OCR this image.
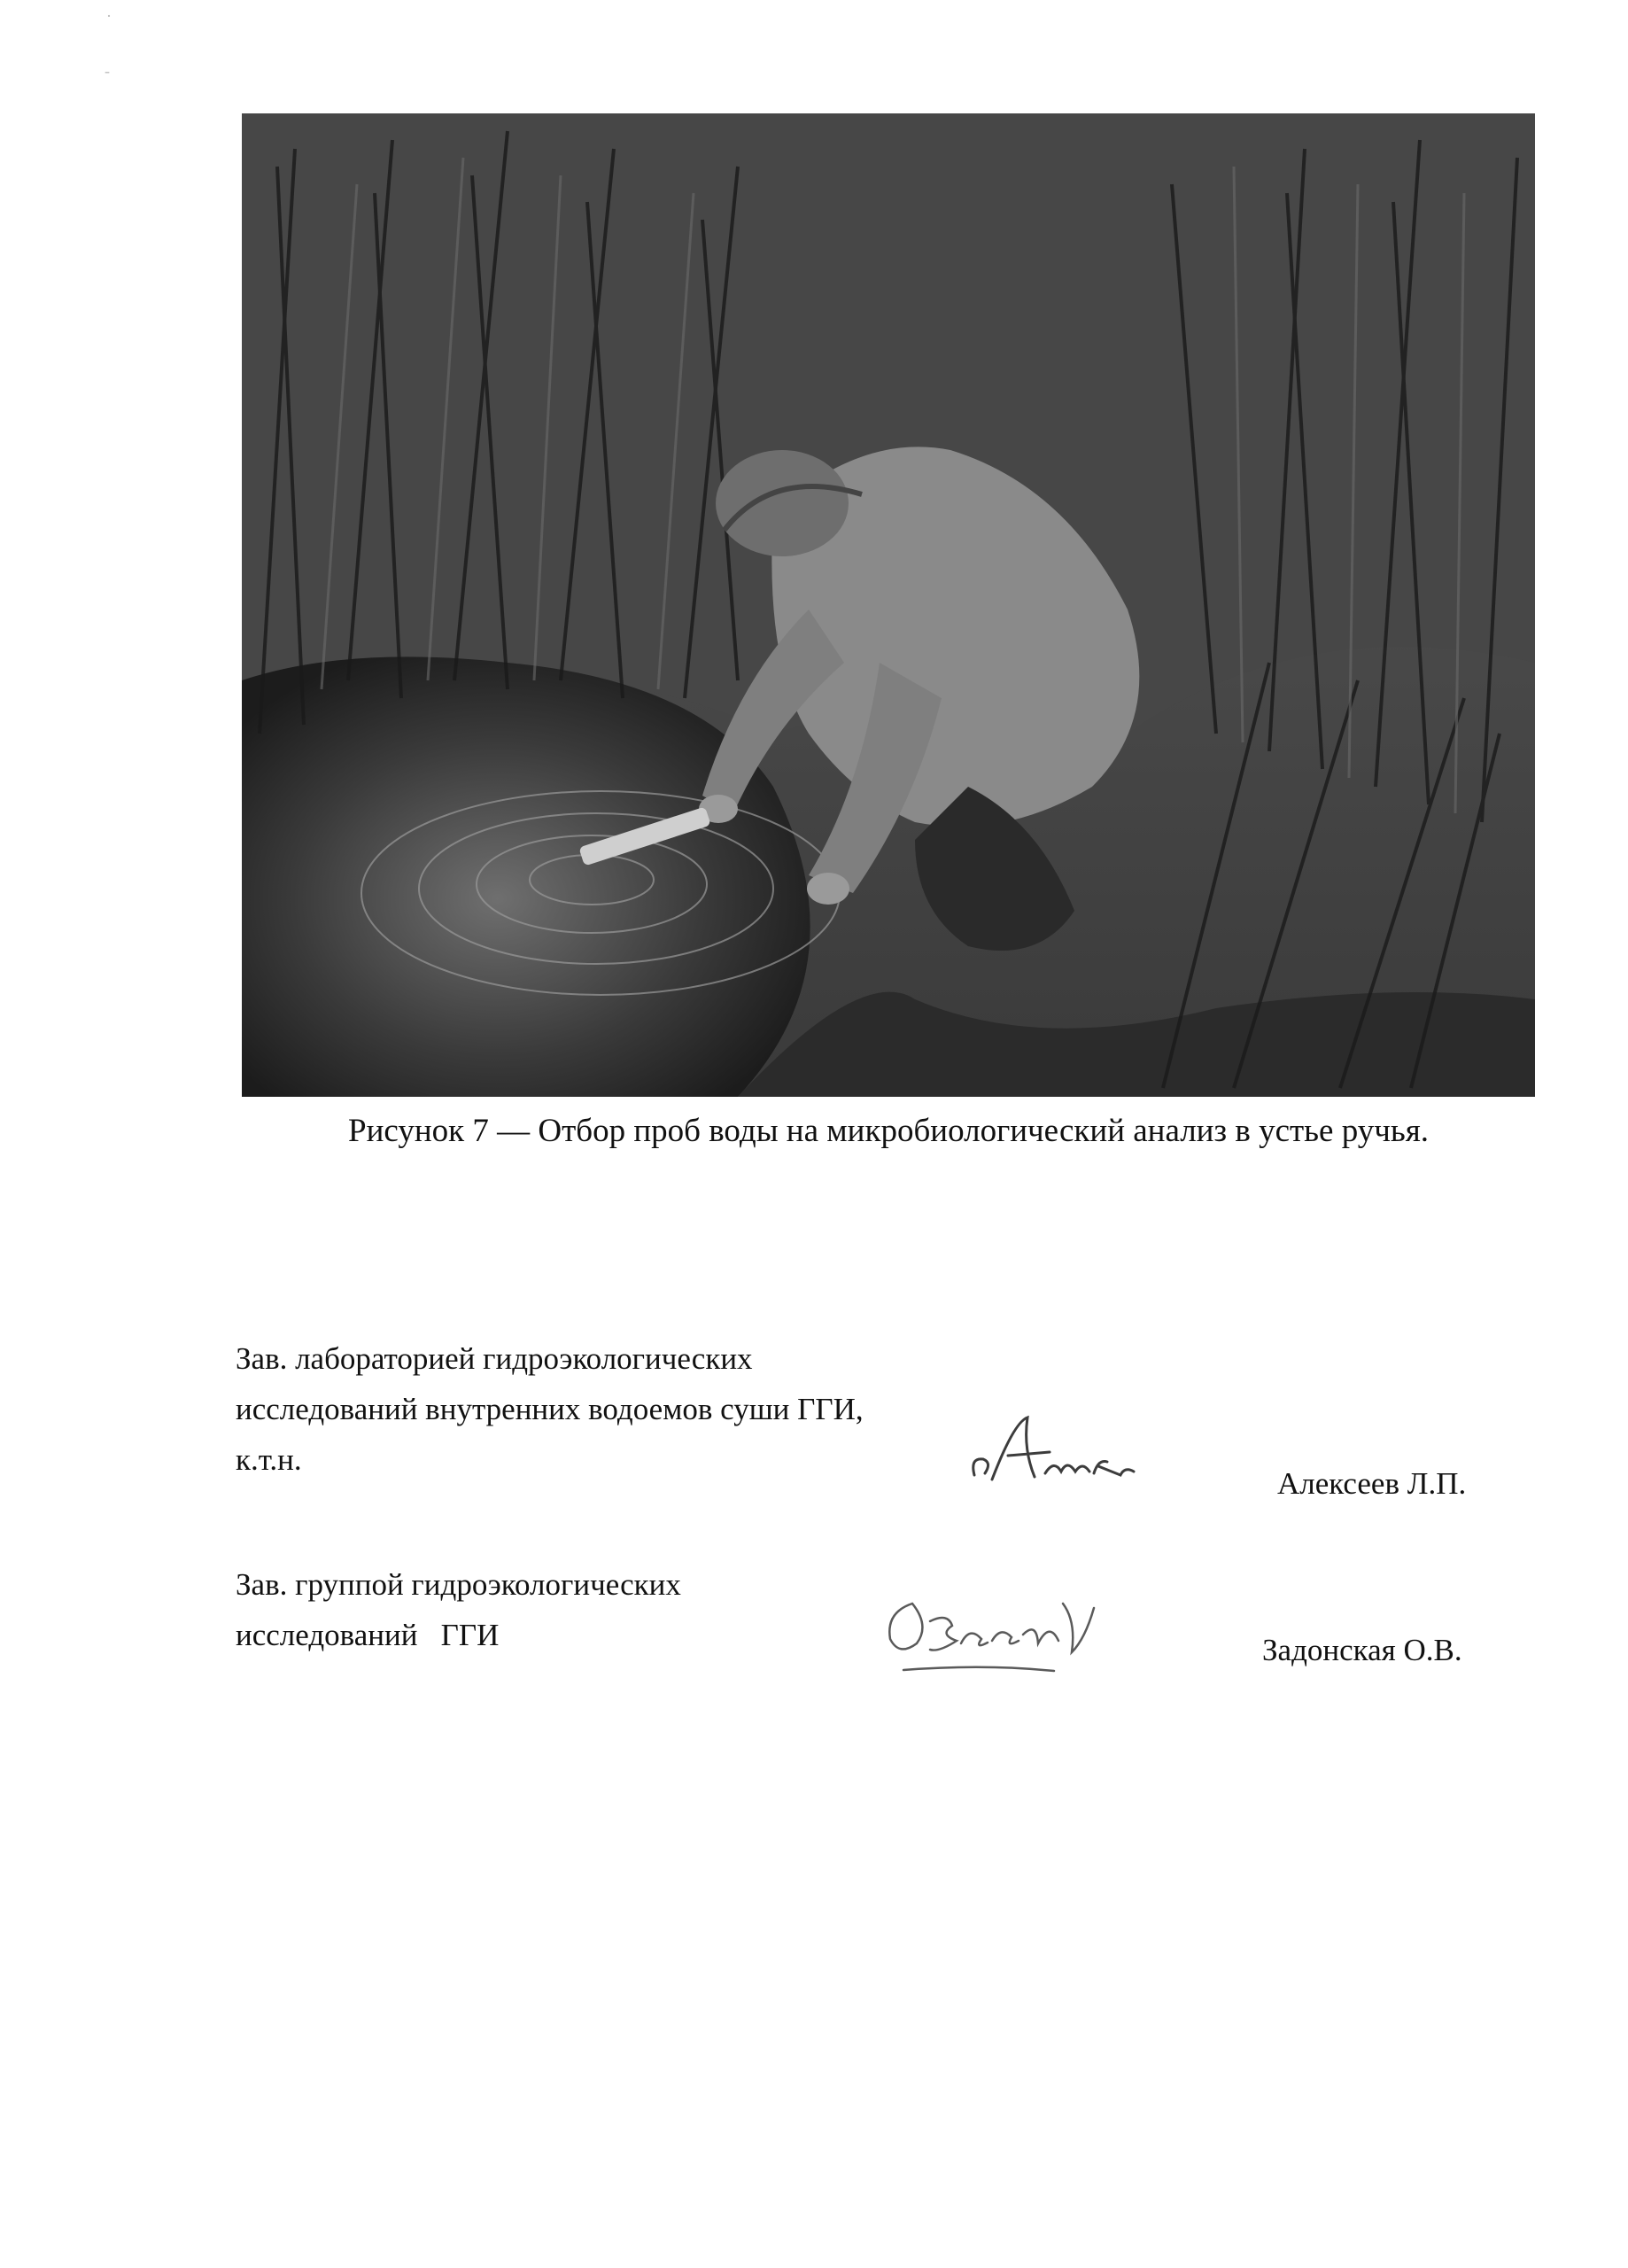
·
-
Рисунок 7 — Отбор проб воды на микробиологический анализ в устье ручья.
Зав. лабораторией гидроэкологических
исследований внутренних водоемов суши ГГИ,
к.т.н.
Алексеев Л.П.
Зав. группой гидроэкологических
исследований   ГГИ	Задонская О.В.
